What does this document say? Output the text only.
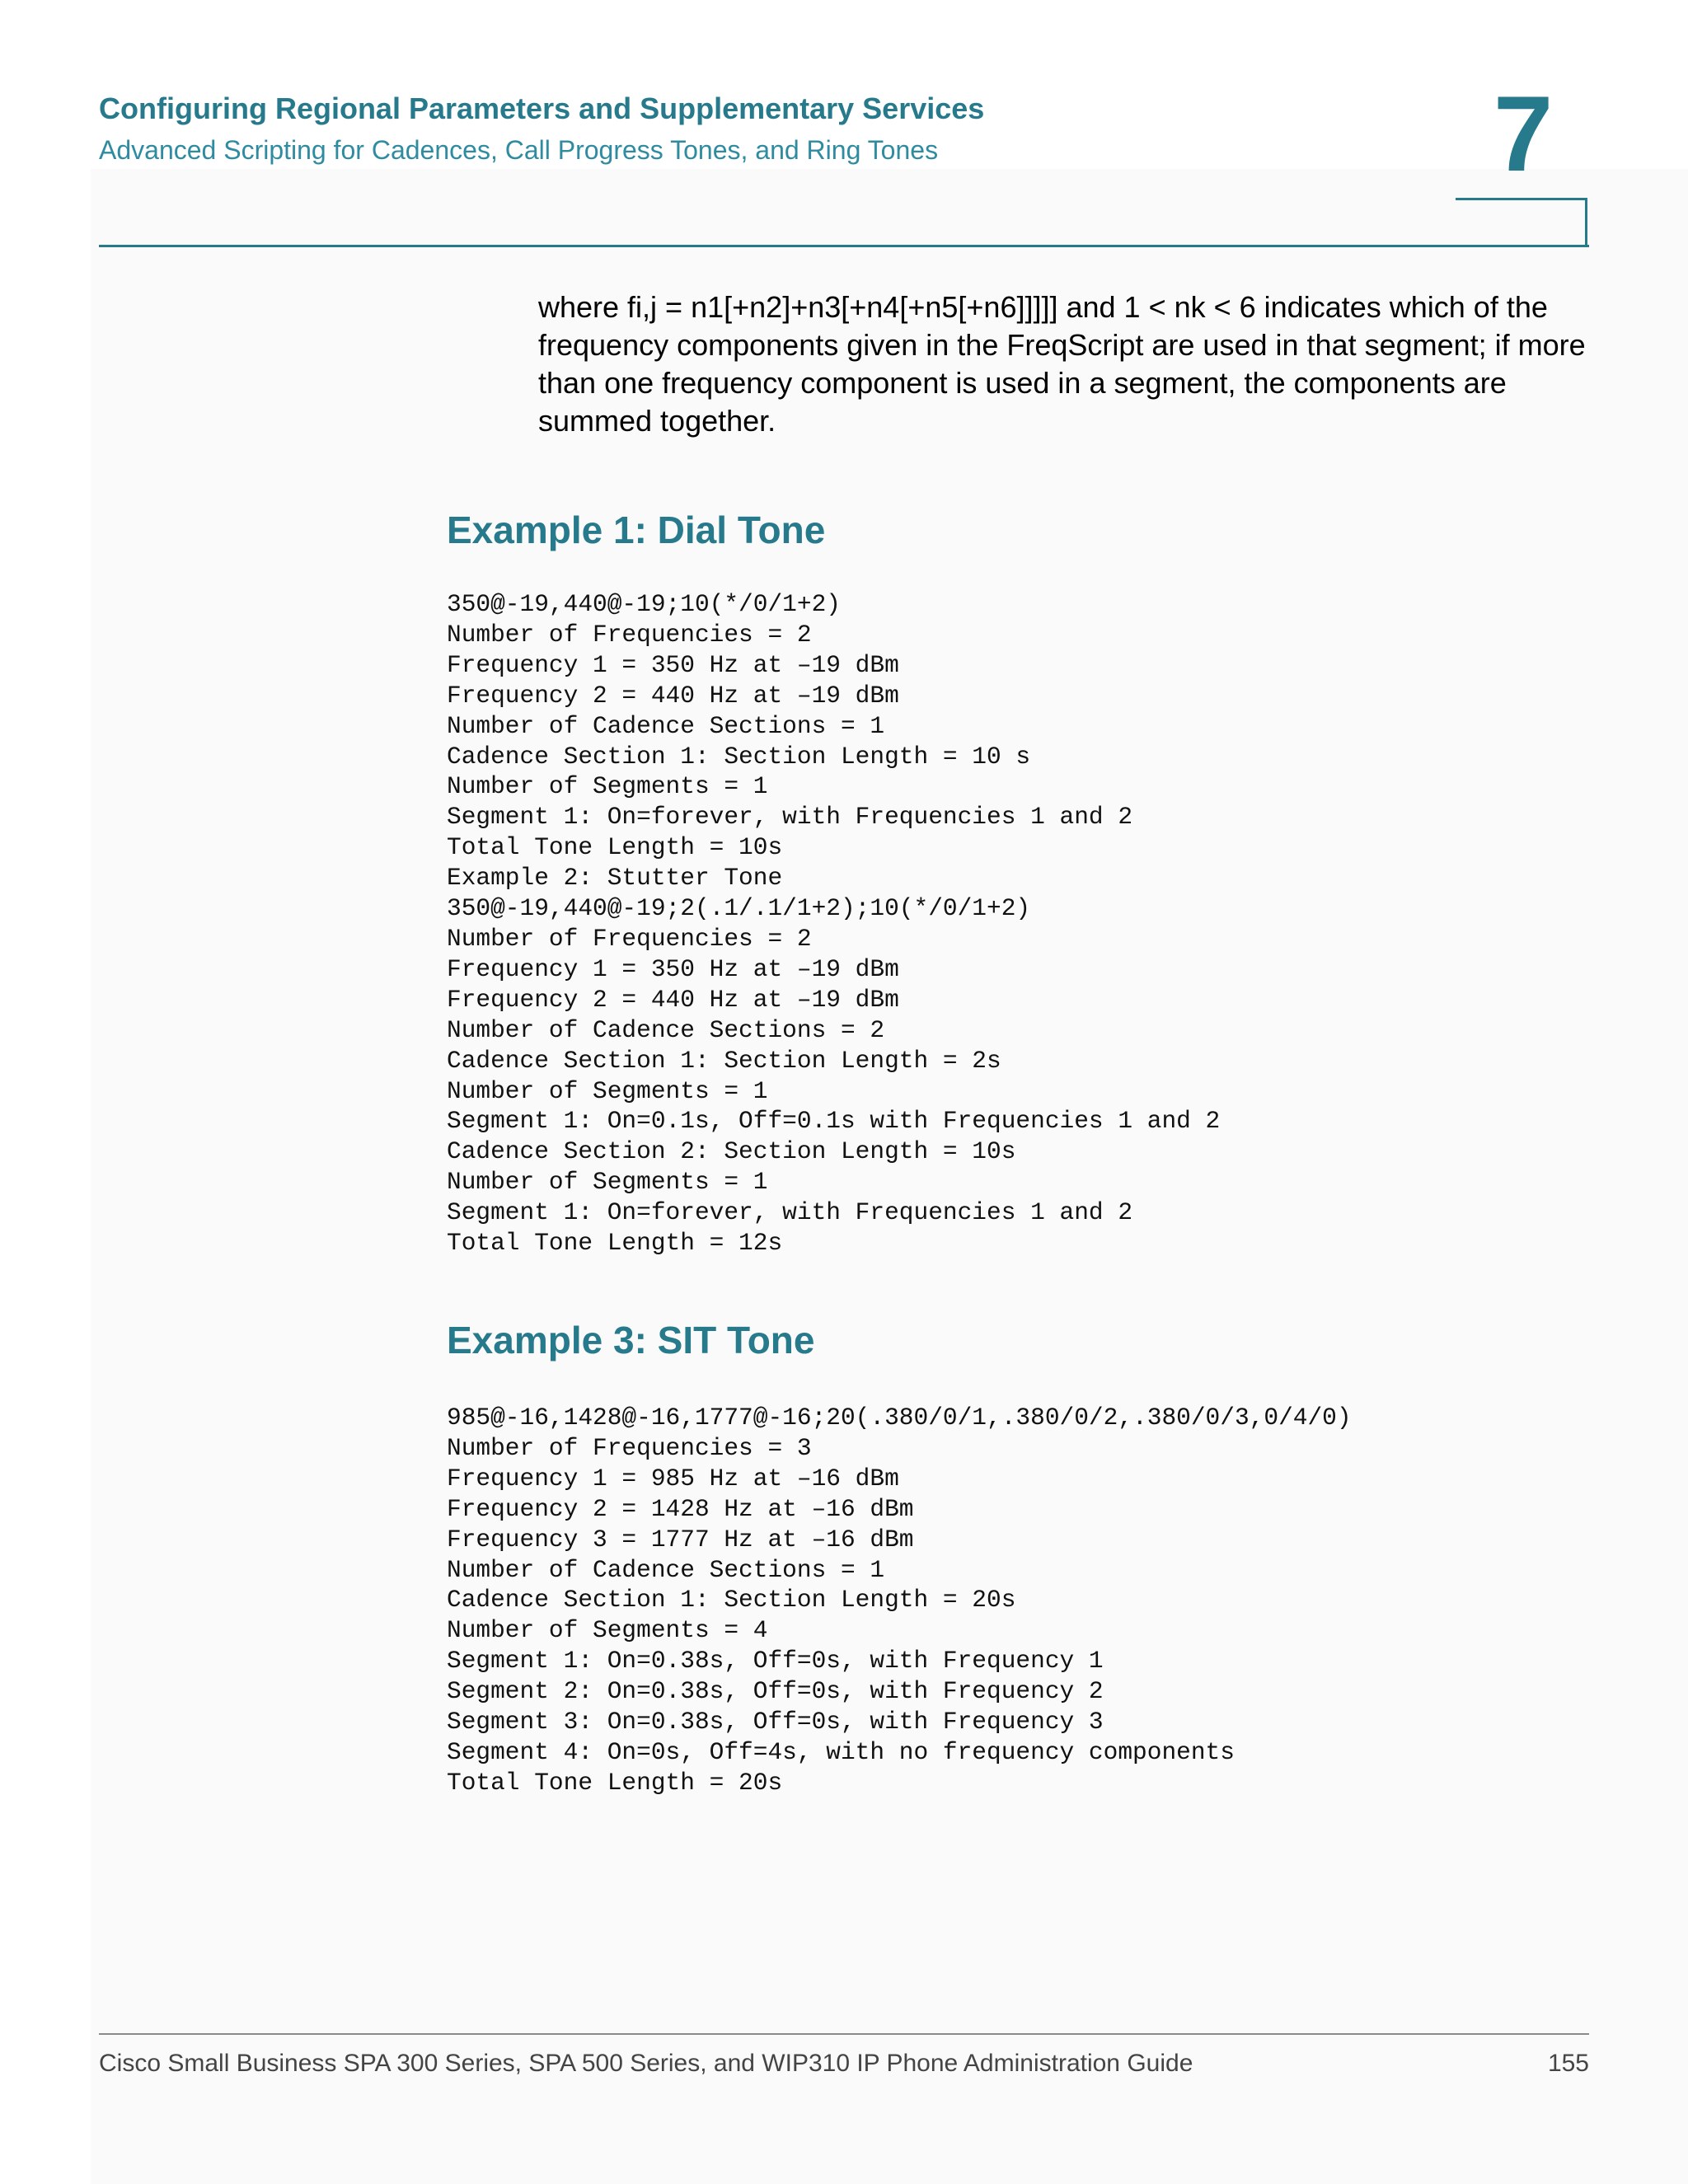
Configuring Regional Parameters and Supplementary Services
Advanced Scripting for Cadences, Call Progress Tones, and Ring Tones	7
where fi,j = n1[+n2]+n3[+n4[+n5[+n6]]]]] and 1 < nk < 6 indicates which of the frequency components given in the FreqScript are used in that segment; if more than one frequency component is used in a segment, the components are summed together.
Example 1: Dial Tone
350@-19,440@-19;10(*/0/1+2)
Number of Frequencies = 2
Frequency 1 = 350 Hz at –19 dBm
Frequency 2 = 440 Hz at –19 dBm
Number of Cadence Sections = 1
Cadence Section 1: Section Length = 10 s
Number of Segments = 1
Segment 1: On=forever, with Frequencies 1 and 2
Total Tone Length = 10s
Example 2: Stutter Tone
350@-19,440@-19;2(.1/.1/1+2);10(*/0/1+2)
Number of Frequencies = 2
Frequency 1 = 350 Hz at –19 dBm
Frequency 2 = 440 Hz at –19 dBm
Number of Cadence Sections = 2
Cadence Section 1: Section Length = 2s
Number of Segments = 1
Segment 1: On=0.1s, Off=0.1s with Frequencies 1 and 2
Cadence Section 2: Section Length = 10s
Number of Segments = 1
Segment 1: On=forever, with Frequencies 1 and 2
Total Tone Length = 12s
Example 3: SIT Tone
985@-16,1428@-16,1777@-16;20(.380/0/1,.380/0/2,.380/0/3,0/4/0)
Number of Frequencies = 3
Frequency 1 = 985 Hz at –16 dBm
Frequency 2 = 1428 Hz at –16 dBm
Frequency 3 = 1777 Hz at –16 dBm
Number of Cadence Sections = 1
Cadence Section 1: Section Length = 20s
Number of Segments = 4
Segment 1: On=0.38s, Off=0s, with Frequency 1
Segment 2: On=0.38s, Off=0s, with Frequency 2
Segment 3: On=0.38s, Off=0s, with Frequency 3
Segment 4: On=0s, Off=4s, with no frequency components
Total Tone Length = 20s
Cisco Small Business SPA 300 Series, SPA 500 Series, and WIP310 IP Phone Administration Guide	155
